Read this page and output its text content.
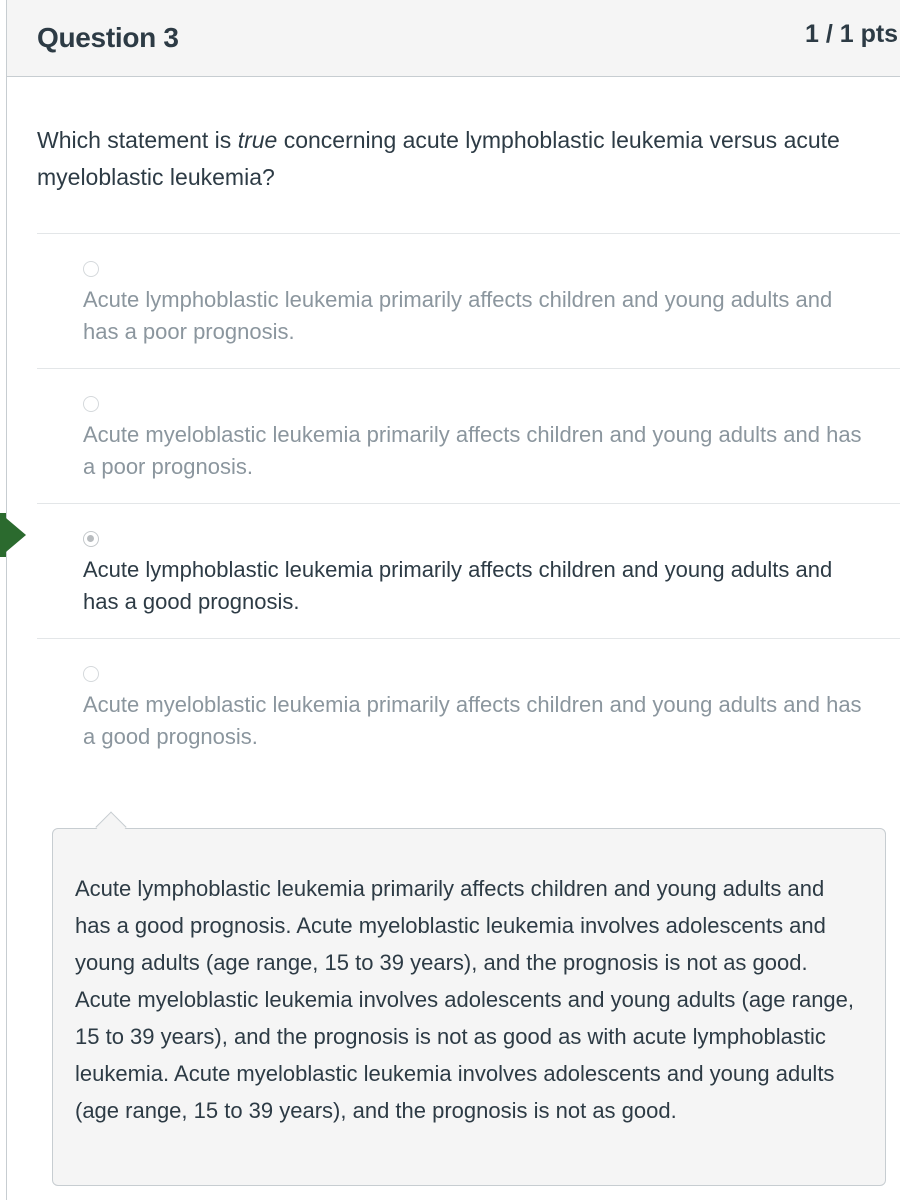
Question 3	1 / 1 pts
Which statement is true concerning acute lymphoblastic leukemia versus acute myeloblastic leukemia?
Acute lymphoblastic leukemia primarily affects children and young adults and has a poor prognosis.
Acute myeloblastic leukemia primarily affects children and young adults and has a poor prognosis.
Acute lymphoblastic leukemia primarily affects children and young adults and has a good prognosis.
Acute myeloblastic leukemia primarily affects children and young adults and has a good prognosis.
Acute lymphoblastic leukemia primarily affects children and young adults and has a good prognosis. Acute myeloblastic leukemia involves adolescents and young adults (age range, 15 to 39 years), and the prognosis is not as good. Acute myeloblastic leukemia involves adolescents and young adults (age range, 15 to 39 years), and the prognosis is not as good as with acute lymphoblastic leukemia. Acute myeloblastic leukemia involves adolescents and young adults (age range, 15 to 39 years), and the prognosis is not as good.
